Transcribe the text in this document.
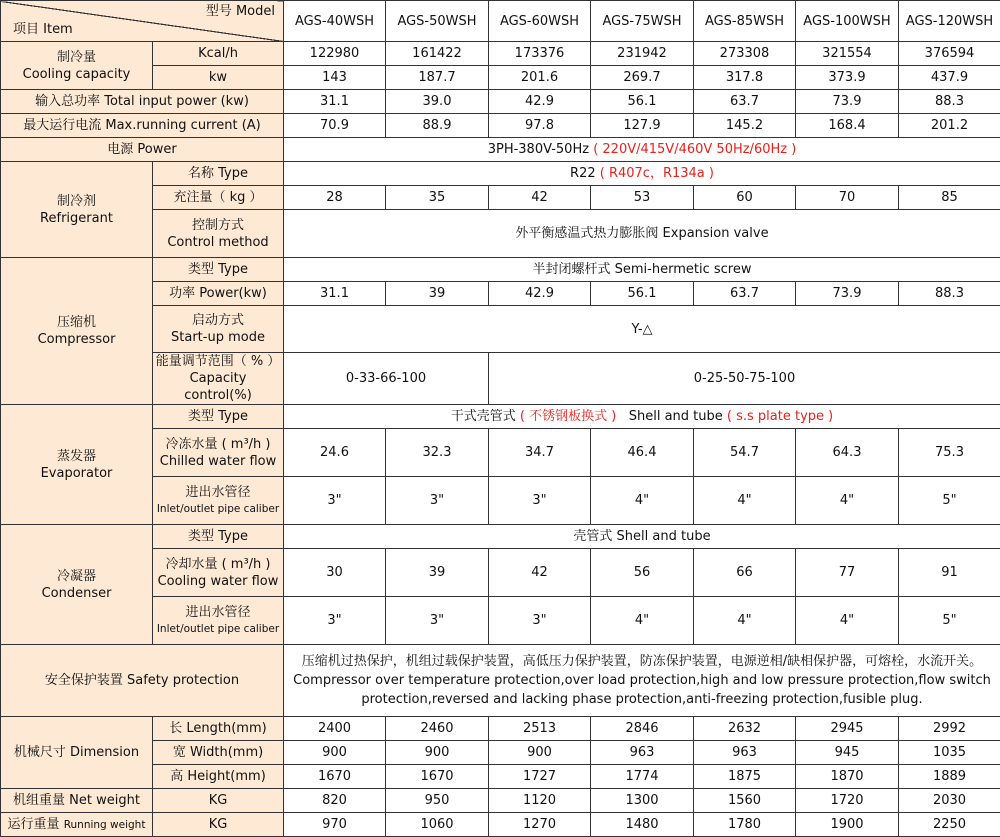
型号 Model
项目 Item		AGS-40WSH	AGS-50WSH	AGS-60WSH	AGS-75WSH	AGS-85WSH	AGS-100WSH	AGS-120WSH

制冷量
Cooling capacity	Kcal/h	122980	161422	173376	231942	273308	321554	376594
	kw	143	187.7	201.6	269.7	317.8	373.9	437.9
输入总功率 Total input power (kw)		31.1	39.0	42.9	56.1	63.7	73.9	88.3
最大运行电流 Max.running current (A)		70.9	88.9	97.8	127.9	145.2	168.4	201.2
电源 Power		3PH-380V-50Hz ( 220V/415V/460V 50Hz/60Hz )						

制冷剂
Refrigerant	名称 Type	R22 ( R407c，R134a )						
	充注量（ kg ）	28	35	42	53	60	70	85

	控制方式
Control method	外平衡感温式热力膨胀阀 Expansion valve						

压缩机
Compressor	类型 Type	半封闭螺杆式 Semi-hermetic screw						
	功率 Power(kw)	31.1	39	42.9	56.1	63.7	73.9	88.3

	启动方式
Start-up mode	Y-△						

	能量调节范围（ % ）
Capacity control(%)	0-33-66-100		0-25-50-75-100				

蒸发器
Evaporator	类型 Type	干式壳管式 ( 不锈钢板换式 ) Shell and tube ( s.s plate type )						

	冷冻水量 ( m³/h )
Chilled water flow	24.6	32.3	34.7	46.4	54.7	64.3	75.3

	进出水管径
Inlet/outlet pipe caliber	3"	3"	3"	4"	4"	4"	5"

冷凝器
Condenser	类型 Type	壳管式 Shell and tube						

	冷却水量 ( m³/h )
Cooling water flow	30	39	42	56	66	77	91

	进出水管径
Inlet/outlet pipe caliber	3"	3"	3"	4"	4"	4"	5"
安全保护装置 Safety protection		压缩机过热保护，机组过载保护装置，高低压力保护装置，防冻保护装置，电源逆相/缺相保护器，可熔栓，水流开关。
Compressor over temperature protection,over load protection,high and low pressure protection,flow switch
protection,reversed and lacking phase protection,anti-freezing protection,fusible plug.						

机械尺寸 Dimension	长 Length(mm)	2400	2460	2513	2846	2632	2945	2992
	宽 Width(mm)	900	900	900	963	963	945	1035
	高 Height(mm)	1670	1670	1727	1774	1875	1870	1889
机组重量 Net weight	KG	820	950	1120	1300	1560	1720	2030
运行重量 Running weight	KG	970	1060	1270	1480	1780	1900	2250
